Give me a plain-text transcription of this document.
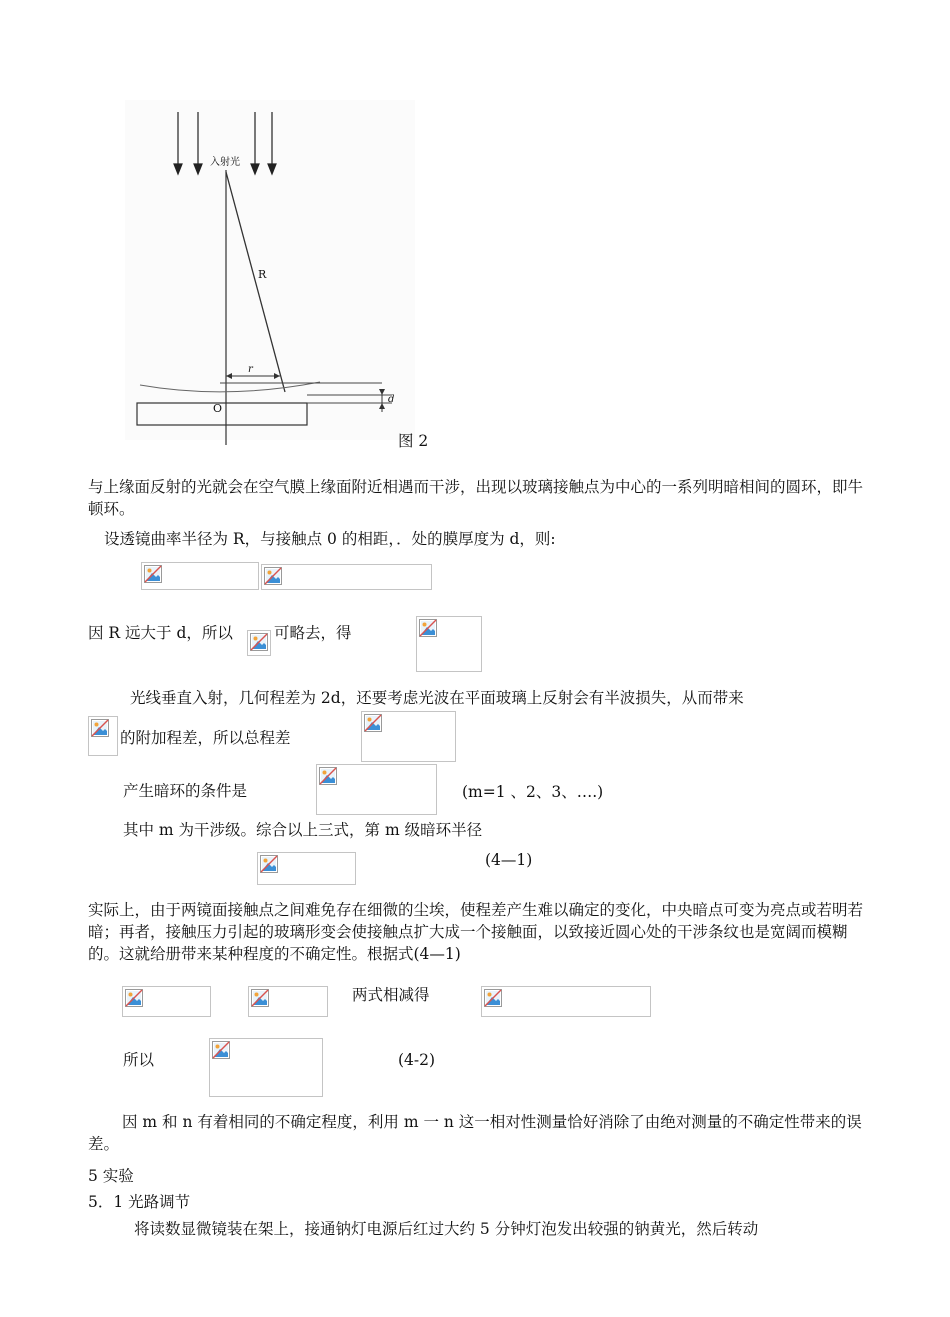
入射光
R
r
O
d
图 2
与上缘面反射的光就会在空气膜上缘面附近相遇而干涉，出现以玻璃接触点为中心的一系列明暗相间的圆环，即牛顿环。
设透镜曲率半径为 R，与接触点 0 的相距，．处的膜厚度为 d，则:
因 R 远大于 d，所以	可略去，得
光线垂直入射，几何程差为 2d，还要考虑光波在平面玻璃上反射会有半波损失，从而带来
的附加程差，所以总程差
产生暗环的条件是	(m=1 、2、3、….)
其中 m 为干涉级。综合以上三式，第 m 级暗环半径
(4—1)
实际上，由于两镜面接触点之间难免存在细微的尘埃，使程差产生难以确定的变化，中央暗点可变为亮点或若明若暗；再者，接触压力引起的玻璃形变会使接触点扩大成一个接触面，以致接近圆心处的干涉条纹也是宽阔而模糊的。这就给册带来某种程度的不确定性。根据式(4—1)
两式相减得
所以	(4-2)
因 m 和 n 有着相同的不确定程度，利用 m 一 n 这一相对性测量恰好消除了由绝对测量的不确定性带来的误差。
5 实验
5．1 光路调节
将读数显微镜装在架上，接通钠灯电源后红过大约 5 分钟灯泡发出较强的钠黄光，然后转动
